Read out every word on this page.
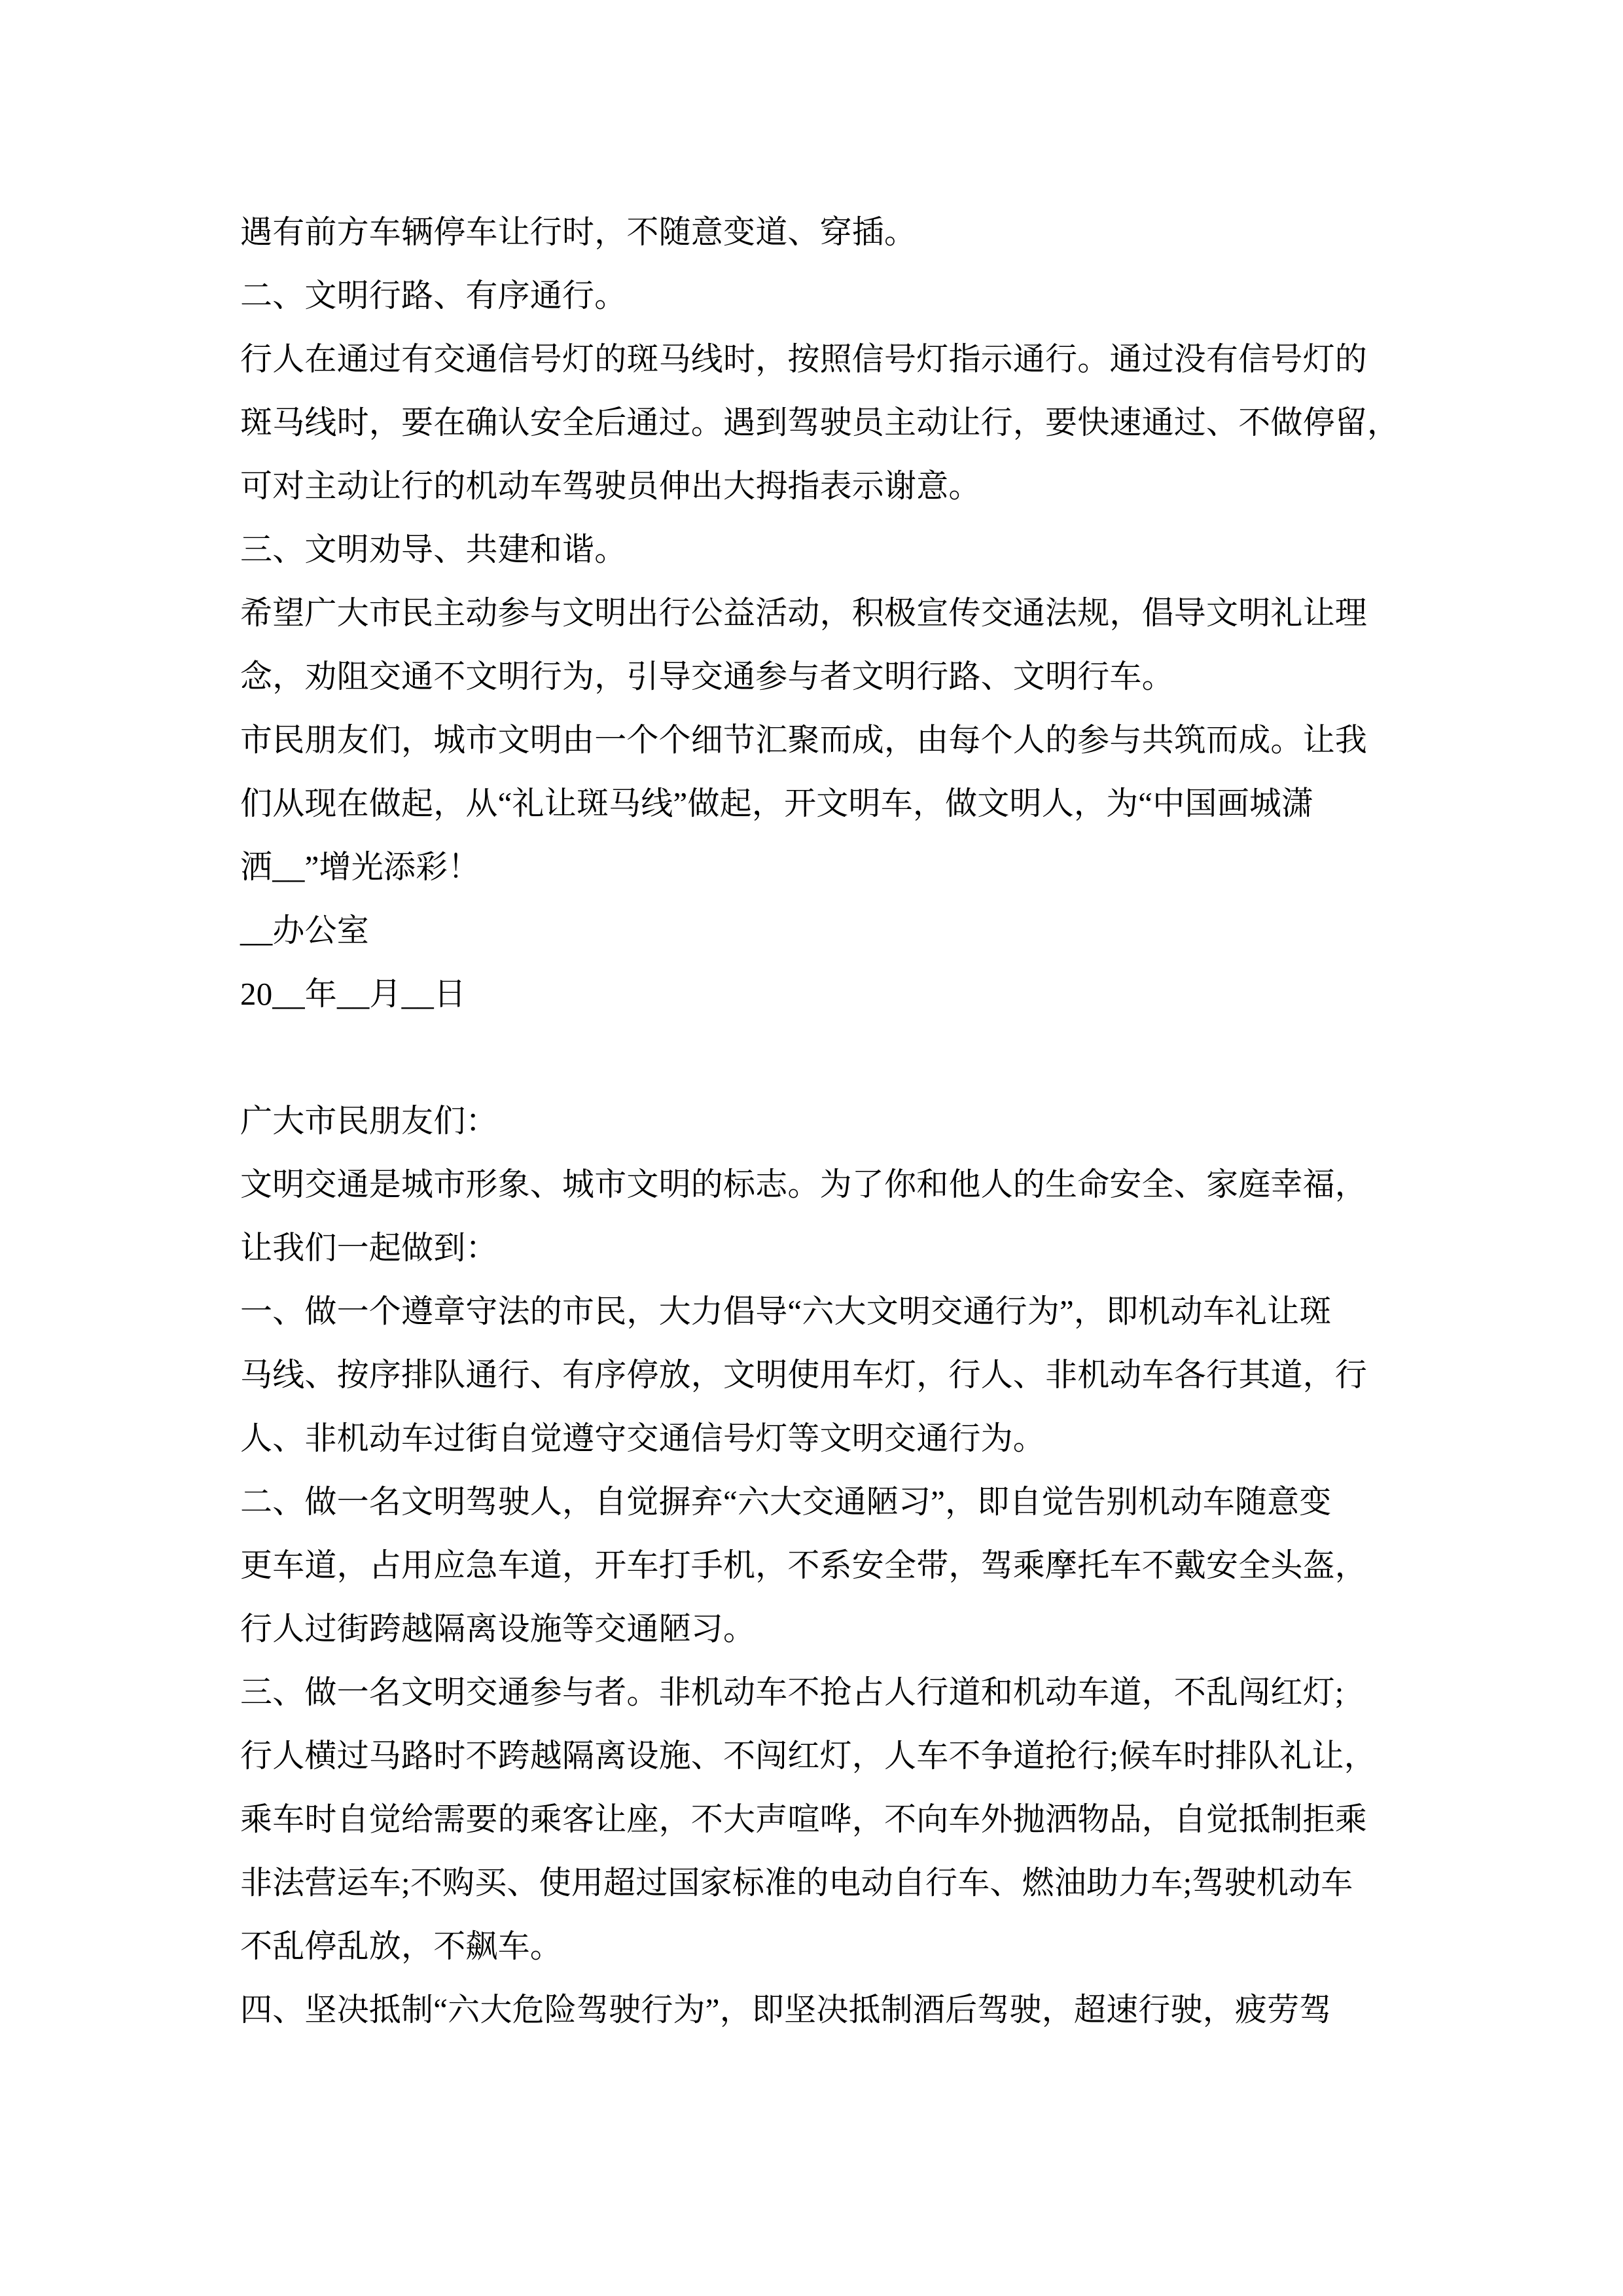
遇有前方车辆停车让行时，不随意变道、穿插。
二、文明行路、有序通行。
行人在通过有交通信号灯的斑马线时，按照信号灯指示通行。通过没有信号灯的
斑马线时，要在确认安全后通过。遇到驾驶员主动让行，要快速通过、不做停留，
可对主动让行的机动车驾驶员伸出大拇指表示谢意。
三、文明劝导、共建和谐。
希望广大市民主动参与文明出行公益活动，积极宣传交通法规，倡导文明礼让理
念，劝阻交通不文明行为，引导交通参与者文明行路、文明行车。
市民朋友们，城市文明由一个个细节汇聚而成，由每个人的参与共筑而成。让我
们从现在做起，从“礼让斑马线”做起，开文明车，做文明人，为“中国画城潇
洒__”增光添彩！
__办公室
20__年__月__日
广大市民朋友们：
文明交通是城市形象、城市文明的标志。为了你和他人的生命安全、家庭幸福，
让我们一起做到：
一、做一个遵章守法的市民，大力倡导“六大文明交通行为”，即机动车礼让斑
马线、按序排队通行、有序停放，文明使用车灯，行人、非机动车各行其道，行
人、非机动车过街自觉遵守交通信号灯等文明交通行为。
二、做一名文明驾驶人，自觉摒弃“六大交通陋习”，即自觉告别机动车随意变
更车道，占用应急车道，开车打手机，不系安全带，驾乘摩托车不戴安全头盔，
行人过街跨越隔离设施等交通陋习。
三、做一名文明交通参与者。非机动车不抢占人行道和机动车道，不乱闯红灯;
行人横过马路时不跨越隔离设施、不闯红灯，人车不争道抢行;候车时排队礼让，
乘车时自觉给需要的乘客让座，不大声喧哗，不向车外抛洒物品，自觉抵制拒乘
非法营运车;不购买、使用超过国家标准的电动自行车、燃油助力车;驾驶机动车
不乱停乱放，不飙车。
四、坚决抵制“六大危险驾驶行为”，即坚决抵制酒后驾驶，超速行驶，疲劳驾
